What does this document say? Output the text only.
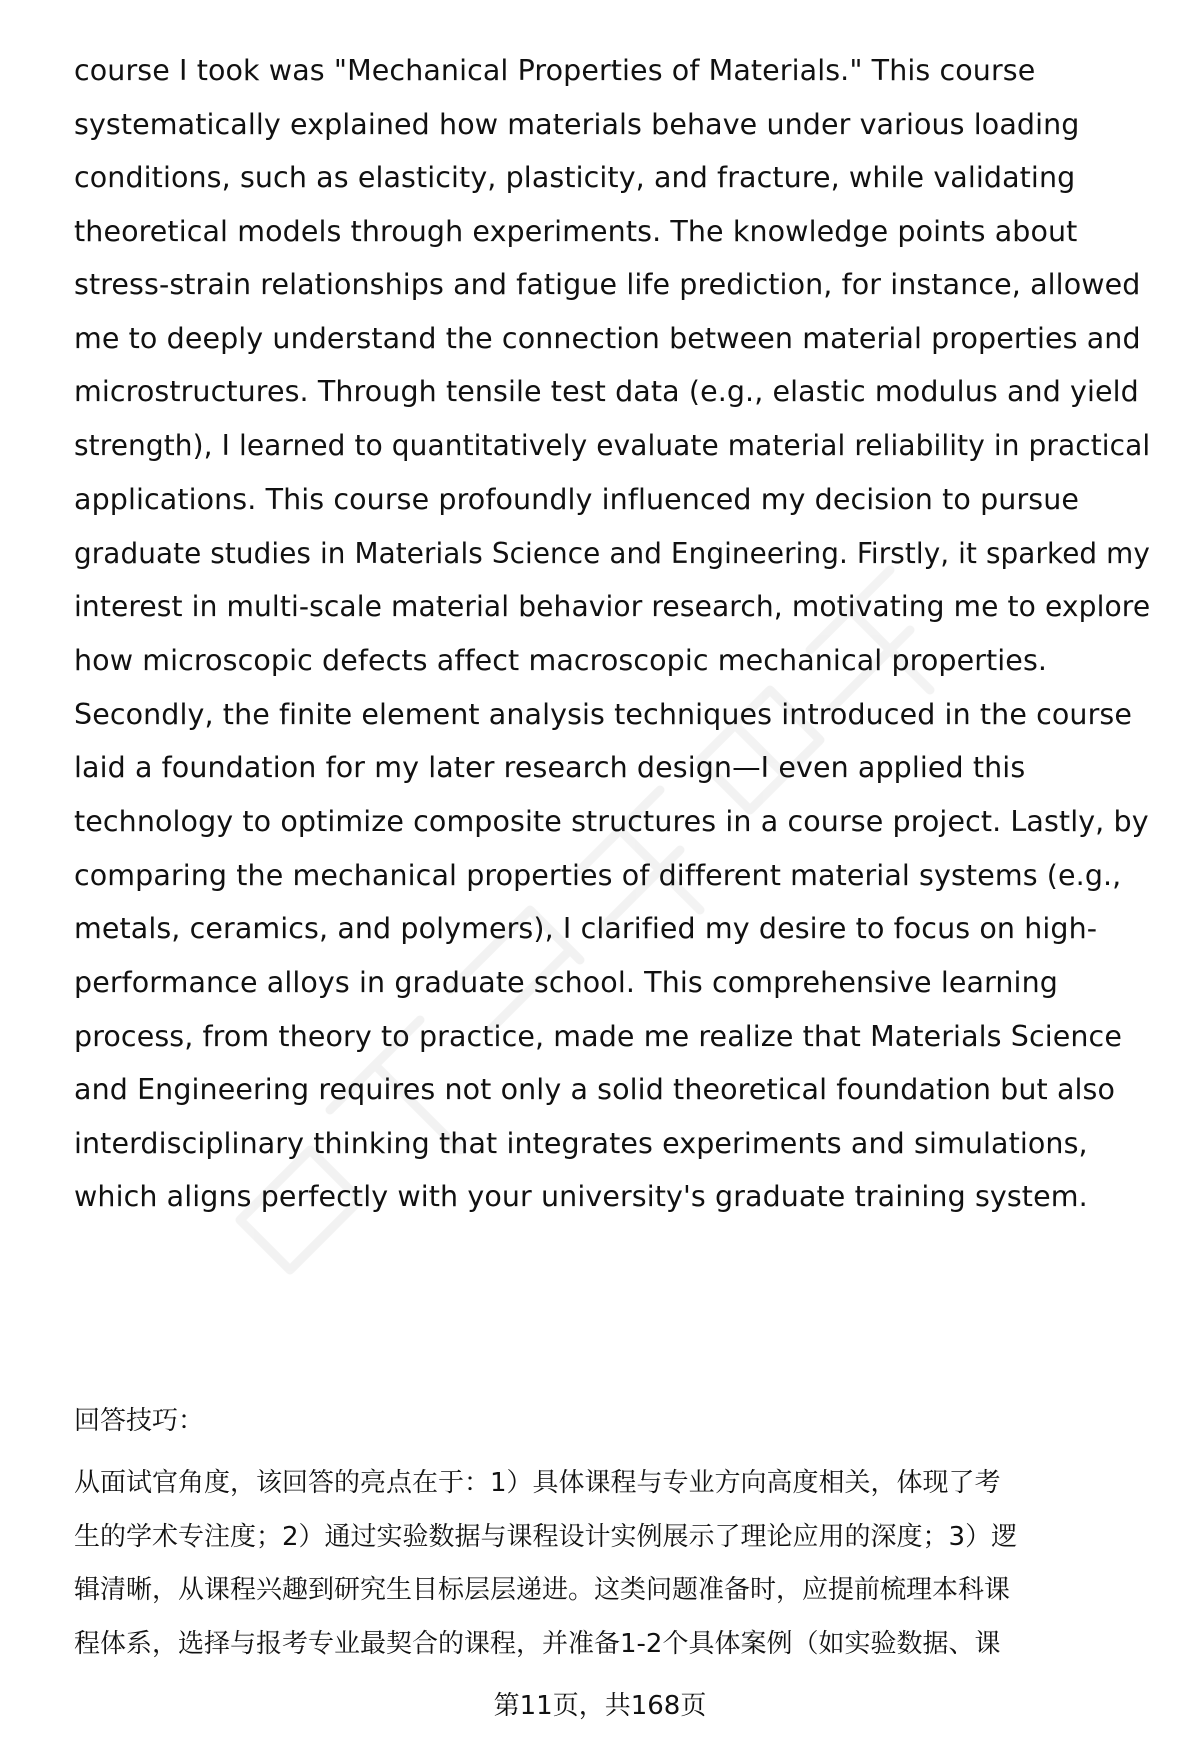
course I took was "Mechanical Properties of Materials." This course
systematically explained how materials behave under various loading
conditions, such as elasticity, plasticity, and fracture, while validating
theoretical models through experiments. The knowledge points about
stress-strain relationships and fatigue life prediction, for instance, allowed
me to deeply understand the connection between material properties and
microstructures. Through tensile test data (e.g., elastic modulus and yield
strength), I learned to quantitatively evaluate material reliability in practical
applications. This course profoundly influenced my decision to pursue
graduate studies in Materials Science and Engineering. Firstly, it sparked my
interest in multi-scale material behavior research, motivating me to explore
how microscopic defects affect macroscopic mechanical properties.
Secondly, the finite element analysis techniques introduced in the course
laid a foundation for my later research design—I even applied this
technology to optimize composite structures in a course project. Lastly, by
comparing the mechanical properties of different material systems (e.g.,
metals, ceramics, and polymers), I clarified my desire to focus on high-
performance alloys in graduate school. This comprehensive learning
process, from theory to practice, made me realize that Materials Science
and Engineering requires not only a solid theoretical foundation but also
interdisciplinary thinking that integrates experiments and simulations,
which aligns perfectly with your university's graduate training system.
回答技巧：
从面试官角度，该回答的亮点在于：1）具体课程与专业方向高度相关，体现了考
生的学术专注度；2）通过实验数据与课程设计实例展示了理论应用的深度；3）逻
辑清晰，从课程兴趣到研究生目标层层递进。这类问题准备时，应提前梳理本科课
程体系，选择与报考专业最契合的课程，并准备1-2个具体案例（如实验数据、课
第11页，共168页
